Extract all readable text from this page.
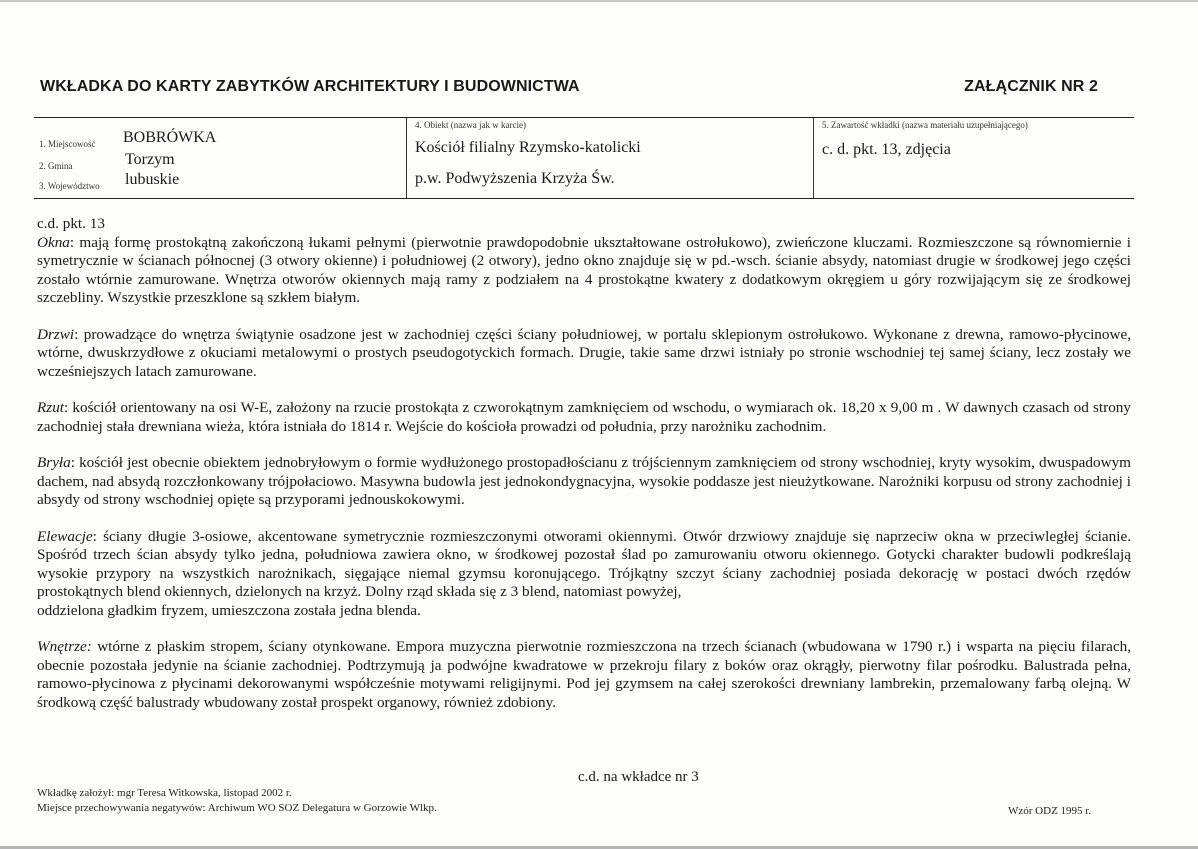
WKŁADKA DO KARTY ZABYTKÓW ARCHITEKTURY I BUDOWNICTWA	ZAŁĄCZNIK NR 2
1. Miejscowość BOBRÓWKA
2. Gmina	Torzym
3. Województwo lubuskie
4. Obiekt (nazwa jak w karcie)
Kościół filialny Rzymsko-katolicki
p.w. Podwyższenia Krzyża Św.
5. Zawartość wkładki (nazwa materiału uzupełniającego)
c. d. pkt. 13, zdjęcia

c.d. pkt. 13
Okna: mają formę prostokątną zakończoną łukami pełnymi (pierwotnie prawdopodobnie ukształtowane ostrołukowo), zwieńczone kluczami. Rozmieszczone są równomiernie i symetrycznie w ścianach północnej (3 otwory okienne) i południowej (2 otwory), jedno okno znajduje się w pd.-wsch. ścianie absydy, natomiast drugie w środkowej jego części zostało wtórnie zamurowane. Wnętrza otworów okiennych mają ramy z podziałem na 4 prostokątne kwatery z dodatkowym okręgiem u góry rozwijającym się ze środkowej szczebliny. Wszystkie przeszklone są szkłem białym.

Drzwi: prowadzące do wnętrza świątynie osadzone jest w zachodniej części ściany południowej, w portalu sklepionym ostrołukowo. Wykonane z drewna, ramowo-płycinowe, wtórne, dwuskrzydłowe z okuciami metalowymi o prostych pseudogotyckich formach. Drugie, takie same drzwi istniały po stronie wschodniej tej samej ściany, lecz zostały we wcześniejszych latach zamurowane.

Rzut: kościół orientowany na osi W-E, założony na rzucie prostokąta z czworokątnym zamknięciem od wschodu, o wymiarach ok. 18,20 x 9,00 m . W dawnych czasach od strony zachodniej stała drewniana wieża, która istniała do 1814 r. Wejście do kościoła prowadzi od południa, przy narożniku zachodnim.

Bryła: kościół jest obecnie obiektem jednobryłowym o formie wydłużonego prostopadłościanu z trójściennym zamknięciem od strony wschodniej, kryty wysokim, dwuspadowym dachem, nad absydą rozczłonkowany trójpołaciowo. Masywna budowla jest jednokondygnacyjna, wysokie poddasze jest nieużytkowane. Narożniki korpusu od strony zachodniej i absydy od strony wschodniej opięte są przyporami jednouskokowymi.

Elewacje: ściany długie 3-osiowe, akcentowane symetrycznie rozmieszczonymi otworami okiennymi. Otwór drzwiowy znajduje się naprzeciw okna w przeciwległej ścianie. Spośród trzech ścian absydy tylko jedna, południowa zawiera okno, w środkowej pozostał ślad po zamurowaniu otworu okiennego. Gotycki charakter budowli podkreślają wysokie przypory na wszystkich narożnikach, sięgające niemal gzymsu koronującego. Trójkątny szczyt ściany zachodniej posiada dekorację w postaci dwóch rzędów prostokątnych blend okiennych, dzielonych na krzyż. Dolny rząd składa się z 3 blend, natomiast powyżej,

oddzielona gładkim fryzem, umieszczona została jedna blenda.

Wnętrze: wtórne z płaskim stropem, ściany otynkowane. Empora muzyczna pierwotnie rozmieszczona na trzech ścianach (wbudowana w 1790 r.) i wsparta na pięciu filarach, obecnie pozostała jedynie na ścianie zachodniej. Podtrzymują ja podwójne kwadratowe w przekroju filary z boków oraz okrągły, pierwotny filar pośrodku. Balustrada pełna, ramowo-płycinowa z płycinami dekorowanymi współcześnie motywami religijnymi. Pod jej gzymsem na całej szerokości drewniany lambrekin, przemalowany farbą olejną. W środkową część balustrady wbudowany został prospekt organowy, również zdobiony.

c.d. na wkładce nr 3
Wkładkę założył: mgr Teresa Witkowska, listopad 2002 r.
Miejsce przechowywania negatywów: Archiwum WO SOZ Delegatura w Gorzowie Wlkp.	Wzór ODZ 1995 r.
